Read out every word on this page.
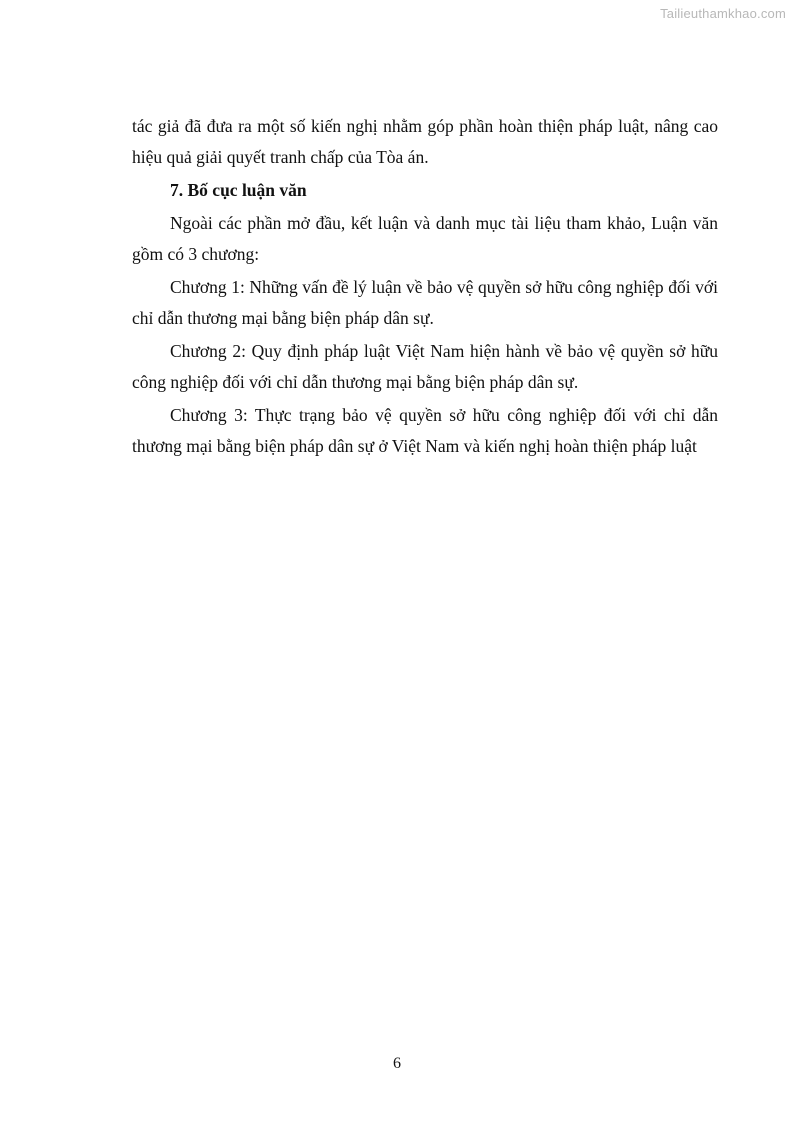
Tailieuthamkhao.com

tác giả đã đưa ra một số kiến nghị nhằm góp phần hoàn thiện pháp luật, nâng cao hiệu quả giải quyết tranh chấp của Tòa án.

7. Bố cục luận văn

Ngoài các phần mở đầu, kết luận và danh mục tài liệu tham khảo, Luận văn gồm có 3 chương:

Chương 1: Những vấn đề lý luận về bảo vệ quyền sở hữu công nghiệp đối với chỉ dẫn thương mại bằng biện pháp dân sự.

Chương 2: Quy định pháp luật Việt Nam hiện hành về bảo vệ quyền sở hữu công nghiệp đối với chỉ dẫn thương mại bằng biện pháp dân sự.

Chương 3: Thực trạng bảo vệ quyền sở hữu công nghiệp đối với chỉ dẫn thương mại bằng biện pháp dân sự ở Việt Nam và kiến nghị hoàn thiện pháp luật

6
